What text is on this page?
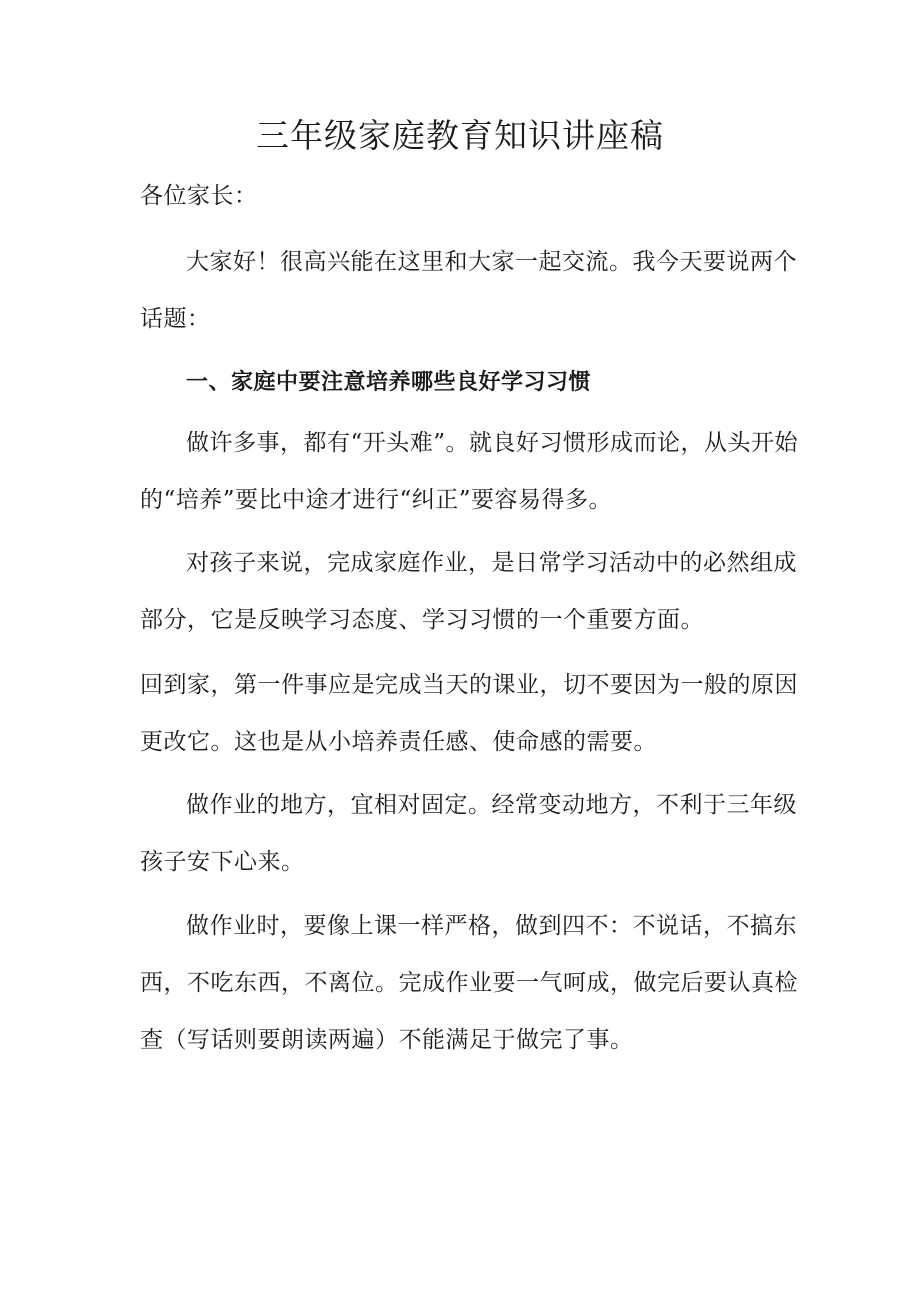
三年级家庭教育知识讲座稿

各位家长：

大家好！很高兴能在这里和大家一起交流。我今天要说两个话题：

一、家庭中要注意培养哪些良好学习习惯

做许多事，都有“开头难”。就良好习惯形成而论，从头开始的“培养”要比中途才进行“纠正”要容易得多。

对孩子来说，完成家庭作业，是日常学习活动中的必然组成部分，它是反映学习态度、学习习惯的一个重要方面。

回到家，第一件事应是完成当天的课业，切不要因为一般的原因更改它。这也是从小培养责任感、使命感的需要。

做作业的地方，宜相对固定。经常变动地方，不利于三年级孩子安下心来。

做作业时，要像上课一样严格，做到四不：不说话，不搞东西，不吃东西，不离位。完成作业要一气呵成，做完后要认真检查（写话则要朗读两遍）不能满足于做完了事。
